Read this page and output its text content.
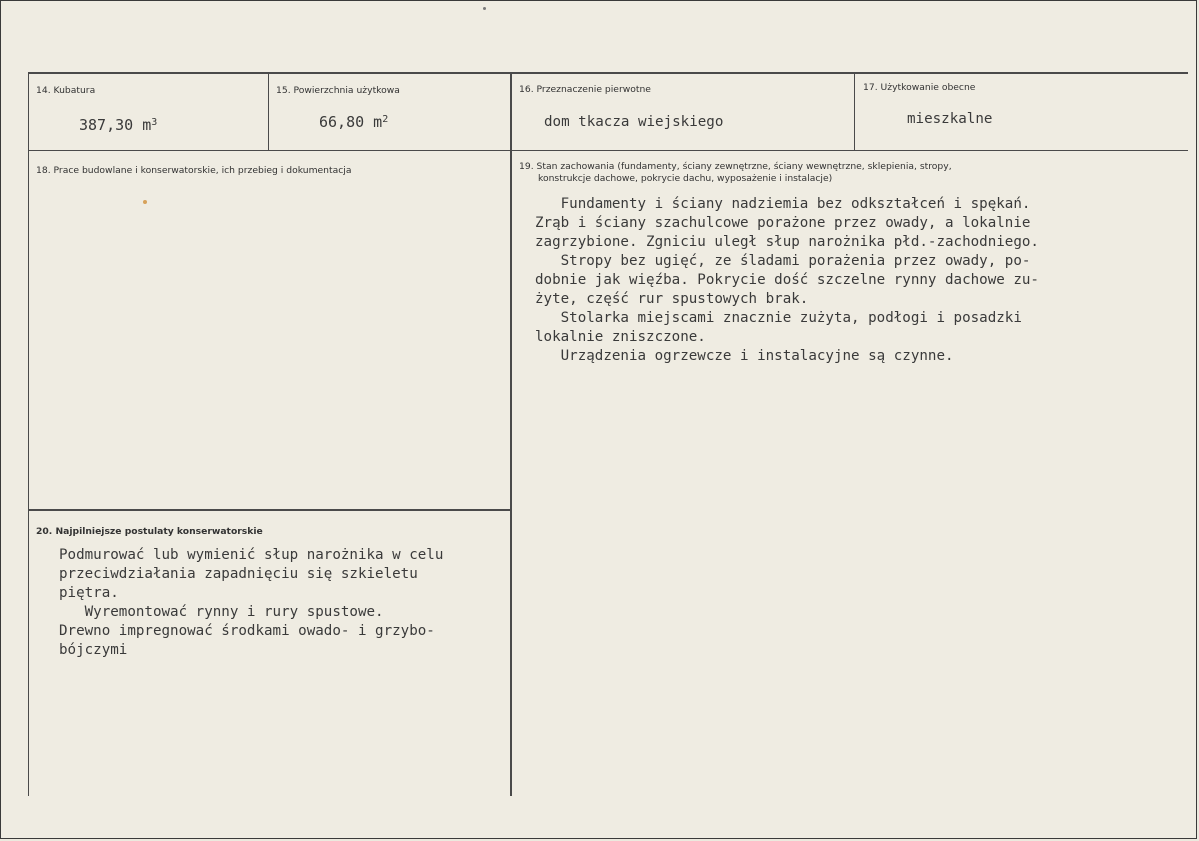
14. Kubatura
387,30 $m^3$
15. Powierzchnia użytkowa
66,80 $m^2$
16. Przeznaczenie pierwotne
dom tkacza wiejskiego
17. Użytkowanie obecne
mieszkalne
18. Prace budowlane i konserwatorskie, ich przebieg i dokumentacja	19. Stan zachowania (fundamenty, ściany zewnętrzne, ściany wewnętrzne, sklepienia, stropy,
konstrukcje dachowe, pokrycie dachu, wyposażenie i instalacje)
Fundamenty i ściany nadziemia bez odkształceń i spękań.
Zrąb i ściany szachulcowe porażone przez owady, a lokalnie
zagrzybione. Zgniciu uległ słup narożnika płd.-zachodniego.
Stropy bez ugięć, ze śladami porażenia przez owady, po-
dobnie jak więźba. Pokrycie dość szczelne rynny dachowe zu-
żyte, część rur spustowych brak.
Stolarka miejscami znacznie zużyta, podłogi i posadzki
lokalnie zniszczone.
Urządzenia ogrzewcze i instalacyjne są czynne.
20. Najpilniejsze postulaty konserwatorskie
Podmurować lub wymienić słup narożnika w celu
przeciwdziałania zapadnięciu się szkieletu
piętra.
Wyremontować rynny i rury spustowe.
Drewno impregnować środkami owado- i grzybo-
bójczymi
